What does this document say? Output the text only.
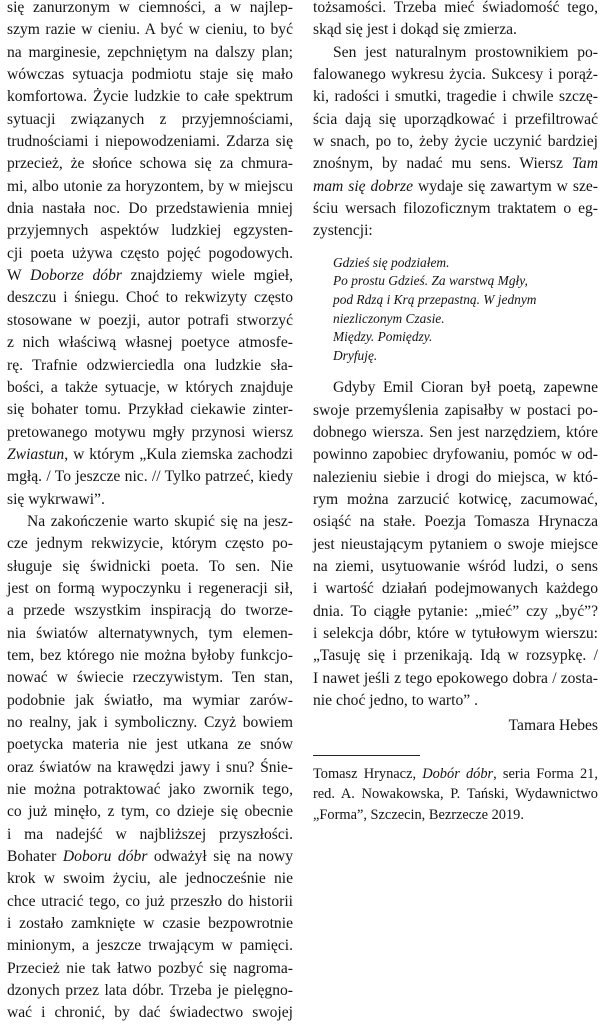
się zanurzonym w ciemności, a w najlep-
szym razie w cieniu. A być w cieniu, to być
na marginesie, zepchniętym na dalszy plan;
wówczas sytuacja podmiotu staje się mało
komfortowa. Życie ludzkie to całe spektrum
sytuacji związanych z przyjemnościami,
trudnościami i niepowodzeniami. Zdarza się
przecież, że słońce schowa się za chmura-
mi, albo utonie za horyzontem, by w miejscu
dnia nastała noc. Do przedstawienia mniej
przyjemnych aspektów ludzkiej egzysten-
cji poeta używa często pojęć pogodowych.
W Doborze dóbr znajdziemy wiele mgieł,
deszczu i śniegu. Choć to rekwizyty często
stosowane w poezji, autor potrafi stworzyć
z nich właściwą własnej poetyce atmosfe-
rę. Trafnie odzwierciedla ona ludzkie sła-
bości, a także sytuacje, w których znajduje
się bohater tomu. Przykład ciekawie zinter-
pretowanego motywu mgły przynosi wiersz
Zwiastun, w którym „Kula ziemska zachodzi
mgłą. / To jeszcze nic. // Tylko patrzeć, kiedy
się wykrwawi”.
Na zakończenie warto skupić się na jesz-
cze jednym rekwizycie, którym często po-
sługuje się świdnicki poeta. To sen. Nie
jest on formą wypoczynku i regeneracji sił,
a przede wszystkim inspiracją do tworze-
nia światów alternatywnych, tym elemen-
tem, bez którego nie można byłoby funkcjo-
nować w świecie rzeczywistym. Ten stan,
podobnie jak światło, ma wymiar zarów-
no realny, jak i symboliczny. Czyż bowiem
poetycka materia nie jest utkana ze snów
oraz światów na krawędzi jawy i snu? Śnie-
nie można potraktować jako zwornik tego,
co już minęło, z tym, co dzieje się obecnie
i ma nadejść w najbliższej przyszłości.
Bohater Doboru dóbr odważył się na nowy
krok w swoim życiu, ale jednocześnie nie
chce utracić tego, co już przeszło do historii
i zostało zamknięte w czasie bezpowrotnie
minionym, a jeszcze trwającym w pamięci.
Przecież nie tak łatwo pozbyć się nagroma-
dzonych przez lata dóbr. Trzeba je pielęgno-
wać i chronić, by dać świadectwo swojej
tożsamości. Trzeba mieć świadomość tego,
skąd się jest i dokąd się zmierza.
Sen jest naturalnym prostownikiem po-
falowanego wykresu życia. Sukcesy i porąż-
ki, radości i smutki, tragedie i chwile szczę-
ścia dają się uporządkować i przefiltrować
w snach, po to, żeby życie uczynić bardziej
znośnym, by nadać mu sens. Wiersz Tam
mam się dobrze wydaje się zawartym w sze-
ściu wersach filozoficznym traktatem o eg-
zystencji:
Gdzieś się podziałem.
Po prostu Gdzieś. Za warstwą Mgły,
pod Rdzą i Krą przepastną. W jednym
niezliczonym Czasie.
Między. Pomiędzy.
Dryfuję.
Gdyby Emil Cioran był poetą, zapewne
swoje przemyślenia zapisałby w postaci po-
dobnego wiersza. Sen jest narzędziem, które
powinno zapobiec dryfowaniu, pomóc w od-
nalezieniu siebie i drogi do miejsca, w któ-
rym można zarzucić kotwicę, zacumować,
osiąść na stałe. Poezja Tomasza Hrynacza
jest nieustającym pytaniem o swoje miejsce
na ziemi, usytuowanie wśród ludzi, o sens
i wartość działań podejmowanych każdego
dnia. To ciągłe pytanie: „mieć” czy „być”?
i selekcja dóbr, które w tytułowym wierszu:
„Tasuję się i przenikają. Idą w rozsypkę. /
I nawet jeśli z tego epokowego dobra / zosta-
nie choć jedno, to warto” .
Tamara Hebes
Tomasz Hrynacz, Dobór dóbr, seria Forma 21,
red. A. Nowakowska, P. Tański, Wydawnictwo
„Forma”, Szczecin, Bezrzecze 2019.
